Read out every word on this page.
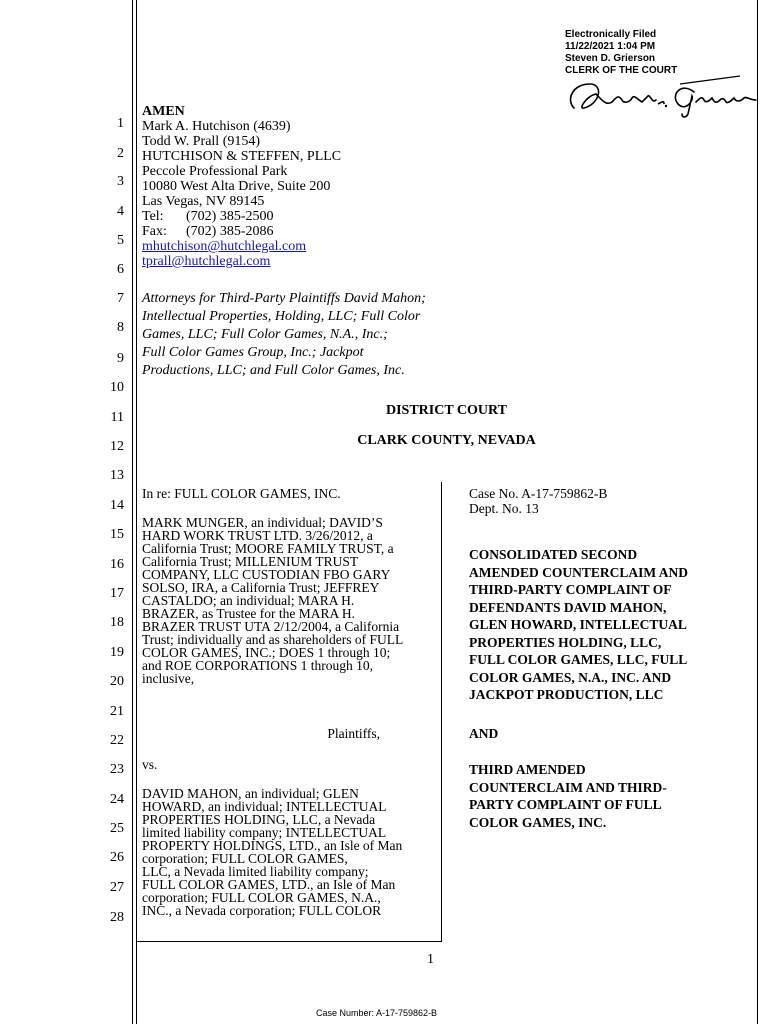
1
2
3
4
5
6
7
8
9
10
11
12
13
14
15
16
17
18
19
20
21
22
23
24
25
26
27
28
Electronically Filed
11/22/2021 1:04 PM
Steven D. Grierson
CLERK OF THE COURT
AMEN
Mark A. Hutchison (4639)
Todd W. Prall (9154)
HUTCHISON & STEFFEN, PLLC
Peccole Professional Park
10080 West Alta Drive, Suite 200
Las Vegas, NV 89145
Tel: (702) 385-2500
Fax: (702) 385-2086
mhutchison@hutchlegal.com
tprall@hutchlegal.com
Attorneys for Third-Party Plaintiffs David Mahon;
Intellectual Properties, Holding, LLC; Full Color
Games, LLC; Full Color Games, N.A., Inc.;
Full Color Games Group, Inc.; Jackpot
Productions, LLC; and Full Color Games, Inc.
DISTRICT COURT
CLARK COUNTY, NEVADA
In re: FULL COLOR GAMES, INC.
MARK MUNGER, an individual; DAVID’S
HARD WORK TRUST LTD. 3/26/2012, a
California Trust; MOORE FAMILY TRUST, a
California Trust; MILLENIUM TRUST
COMPANY, LLC CUSTODIAN FBO GARY
SOLSO, IRA, a California Trust; JEFFREY
CASTALDO; an individual; MARA H.
BRAZER, as Trustee for the MARA H.
BRAZER TRUST UTA 2/12/2004, a California
Trust; individually and as shareholders of FULL
COLOR GAMES, INC.; DOES 1 through 10;
and ROE CORPORATIONS 1 through 10,
inclusive,
Plaintiffs,
vs.
DAVID MAHON, an individual; GLEN
HOWARD, an individual; INTELLECTUAL
PROPERTIES HOLDING, LLC, a Nevada
limited liability company; INTELLECTUAL
PROPERTY HOLDINGS, LTD., an Isle of Man
corporation; FULL COLOR GAMES,
LLC, a Nevada limited liability company;
FULL COLOR GAMES, LTD., an Isle of Man
corporation; FULL COLOR GAMES, N.A.,
INC., a Nevada corporation; FULL COLOR
Case No. A-17-759862-B
Dept. No. 13
CONSOLIDATED SECOND
AMENDED COUNTERCLAIM AND
THIRD-PARTY COMPLAINT OF
DEFENDANTS DAVID MAHON,
GLEN HOWARD, INTELLECTUAL
PROPERTIES HOLDING, LLC,
FULL COLOR GAMES, LLC, FULL
COLOR GAMES, N.A., INC. AND
JACKPOT PRODUCTION, LLC
AND
THIRD AMENDED
COUNTERCLAIM AND THIRD-
PARTY COMPLAINT OF FULL
COLOR GAMES, INC.
1
Case Number: A-17-759862-B
